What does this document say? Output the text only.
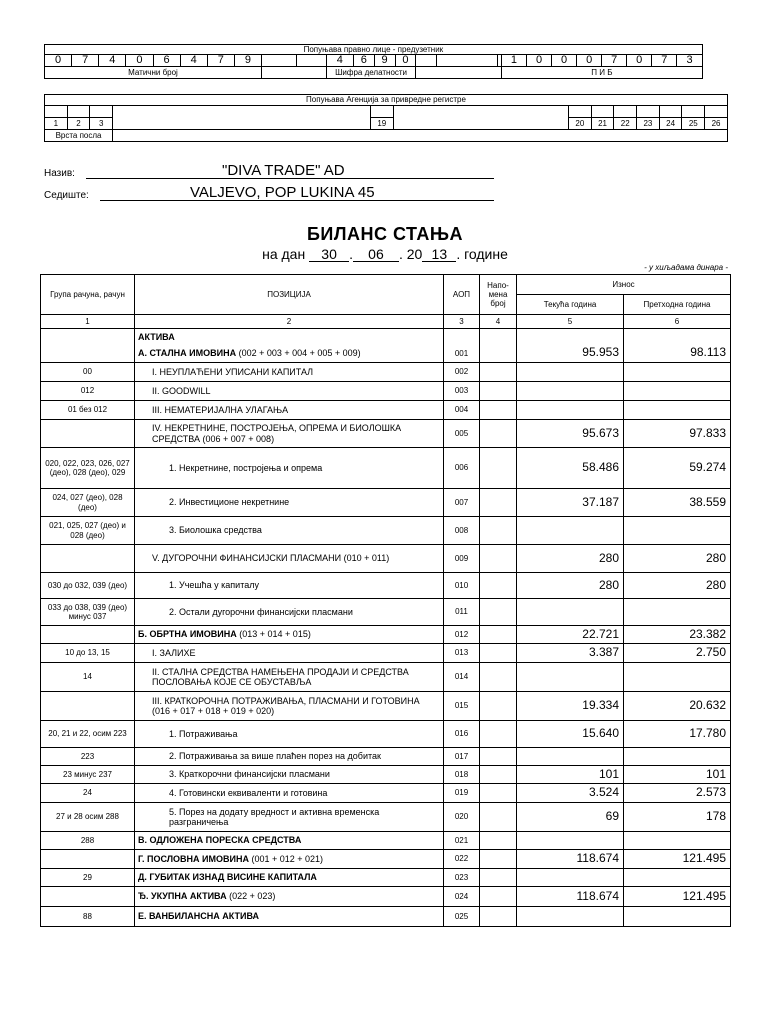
Попуњава правно лице - предузетник																								
0	7	4	0	6	4	7	9			4	6	9	0				1	0	0	0	7	0	7	3
Матични број										Шифра делатности							П И Б							
Попуњава Агенција за привредне регистре												

1	2	3		19		20	21	22	23	24	25	26
Врста посла												
Назив:	"DIVA TRADE" AD
Седиште:	VALJEVO, POP LUKINA 45
БИЛАНС СТАЊА
на дан 30 . 06 . 20 13 . године
- у хиљадама динара -
Група рачуна, рачун	ПОЗИЦИЈА	АОП	Напо-мена број	Износ	
				Текућа година	Претходна година
1	2	3	4	5	6
	АКТИВА				
	А. СТАЛНА ИМОВИНА (002 + 003 + 004 + 005 + 009)	001		95.953	98.113
00	I. НЕУПЛАЋЕНИ УПИСАНИ КАПИТАЛ	002			
012	II. GOODWILL	003			
01 без 012	III. НЕМАТЕРИЈАЛНА УЛАГАЊА	004			
	IV. НЕКРЕТНИНЕ, ПОСТРОЈЕЊА, ОПРЕМА И БИОЛОШКА СРЕДСТВА (006 + 007 + 008)	005		95.673	97.833
020, 022, 023, 026, 027 (део), 028 (део), 029	1. Некретнине, постројења и опрема	006		58.486	59.274
024, 027 (део), 028 (део)	2. Инвестиционе некретнине	007		37.187	38.559
021, 025, 027 (део) и 028 (део)	3. Биолошка средства	008			
	V. ДУГОРОЧНИ ФИНАНСИЈСКИ ПЛАСМАНИ (010 + 011)	009		280	280
030 до 032, 039 (део)	1. Учешћа у капиталу	010		280	280
033 до 038, 039 (део) минус 037	2. Остали дугорочни финансијски пласмани	011			
	Б. ОБРТНА ИМОВИНА (013 + 014 + 015)	012		22.721	23.382
10 до 13, 15	I. ЗАЛИХЕ	013		3.387	2.750
14	II. СТАЛНА СРЕДСТВА НАМЕЊЕНА ПРОДАЈИ И СРЕДСТВА ПОСЛОВАЊА КОЈЕ СЕ ОБУСТАВЉА	014			
	III. КРАТКОРОЧНА ПОТРАЖИВАЊА, ПЛАСМАНИ И ГОТОВИНА (016 + 017 + 018 + 019 + 020)	015		19.334	20.632
20, 21 и 22, осим 223	1. Потраживања	016		15.640	17.780
223	2. Потраживања за више плаћен порез на добитак	017			
23 минус 237	3. Краткорочни финансијски пласмани	018		101	101
24	4. Готовински еквиваленти и готовина	019		3.524	2.573
27 и 28 осим 288	5. Порез на додату вредност и активна временска разграничења	020		69	178
288	В. ОДЛОЖЕНА ПОРЕСКА СРЕДСТВА	021			
	Г. ПОСЛОВНА ИМОВИНА (001 + 012 + 021)	022		118.674	121.495
29	Д. ГУБИТАК ИЗНАД ВИСИНЕ КАПИТАЛА	023			
	Ђ. УКУПНА АКТИВА (022 + 023)	024		118.674	121.495
88	Е. ВАНБИЛАНСНА АКТИВА	025			
